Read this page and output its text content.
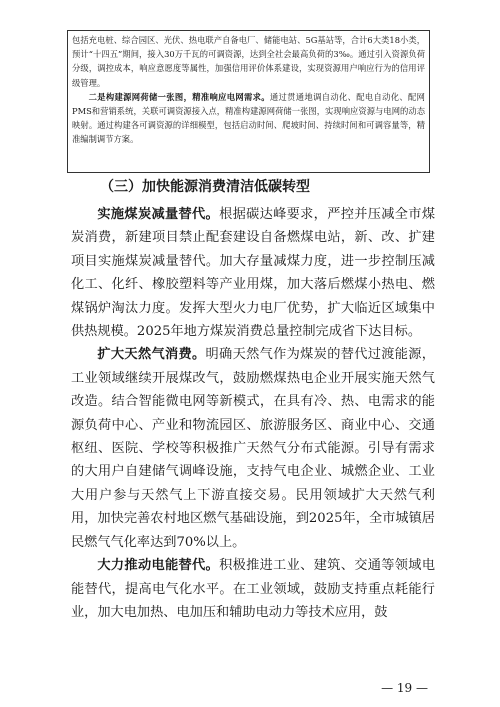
包括充电桩、综合园区、光伏、热电联产自备电厂、储能电站、5G基站等，合计6大类18小类，预计“十四五”期间，接入30万千瓦的可调资源，达到全社会最高负荷的3‰。通过引入资源负荷分级，调控成本，响应意愿度等属性，加强信用评价体系建设，实现资源用户响应行为的信用评级管理。

二是构建源网荷储一张图，精准响应电网需求。通过贯通地调自动化、配电自动化、配网PMS和营销系统，关联可调资源接入点，精准构建源网荷储一张图，实现响应资源与电网的动态映射。通过构建各可调资源的详细模型，包括启动时间、爬坡时间、持续时间和可调容量等，精准编制调节方案。

（三）加快能源消费清洁低碳转型

实施煤炭减量替代。根据碳达峰要求，严控并压减全市煤炭消费，新建项目禁止配套建设自备燃煤电站，新、改、扩建项目实施煤炭减量替代。加大存量减煤力度，进一步控制压减化工、化纤、橡胶塑料等产业用煤，加大落后燃煤小热电、燃煤锅炉淘汰力度。发挥大型火力电厂优势，扩大临近区域集中供热规模。2025年地方煤炭消费总量控制完成省下达目标。

扩大天然气消费。明确天然气作为煤炭的替代过渡能源，工业领域继续开展煤改气，鼓励燃煤热电企业开展实施天然气改造。结合智能微电网等新模式，在具有冷、热、电需求的能源负荷中心、产业和物流园区、旅游服务区、商业中心、交通枢纽、医院、学校等积极推广天然气分布式能源。引导有需求的大用户自建储气调峰设施，支持气电企业、城燃企业、工业大用户参与天然气上下游直接交易。民用领域扩大天然气利用，加快完善农村地区燃气基础设施，到2025年，全市城镇居民燃气气化率达到70%以上。

大力推动电能替代。积极推进工业、建筑、交通等领域电能替代，提高电气化水平。在工业领域，鼓励支持重点耗能行业，加大电加热、电加压和辅助电动力等技术应用，鼓

— 19 —
